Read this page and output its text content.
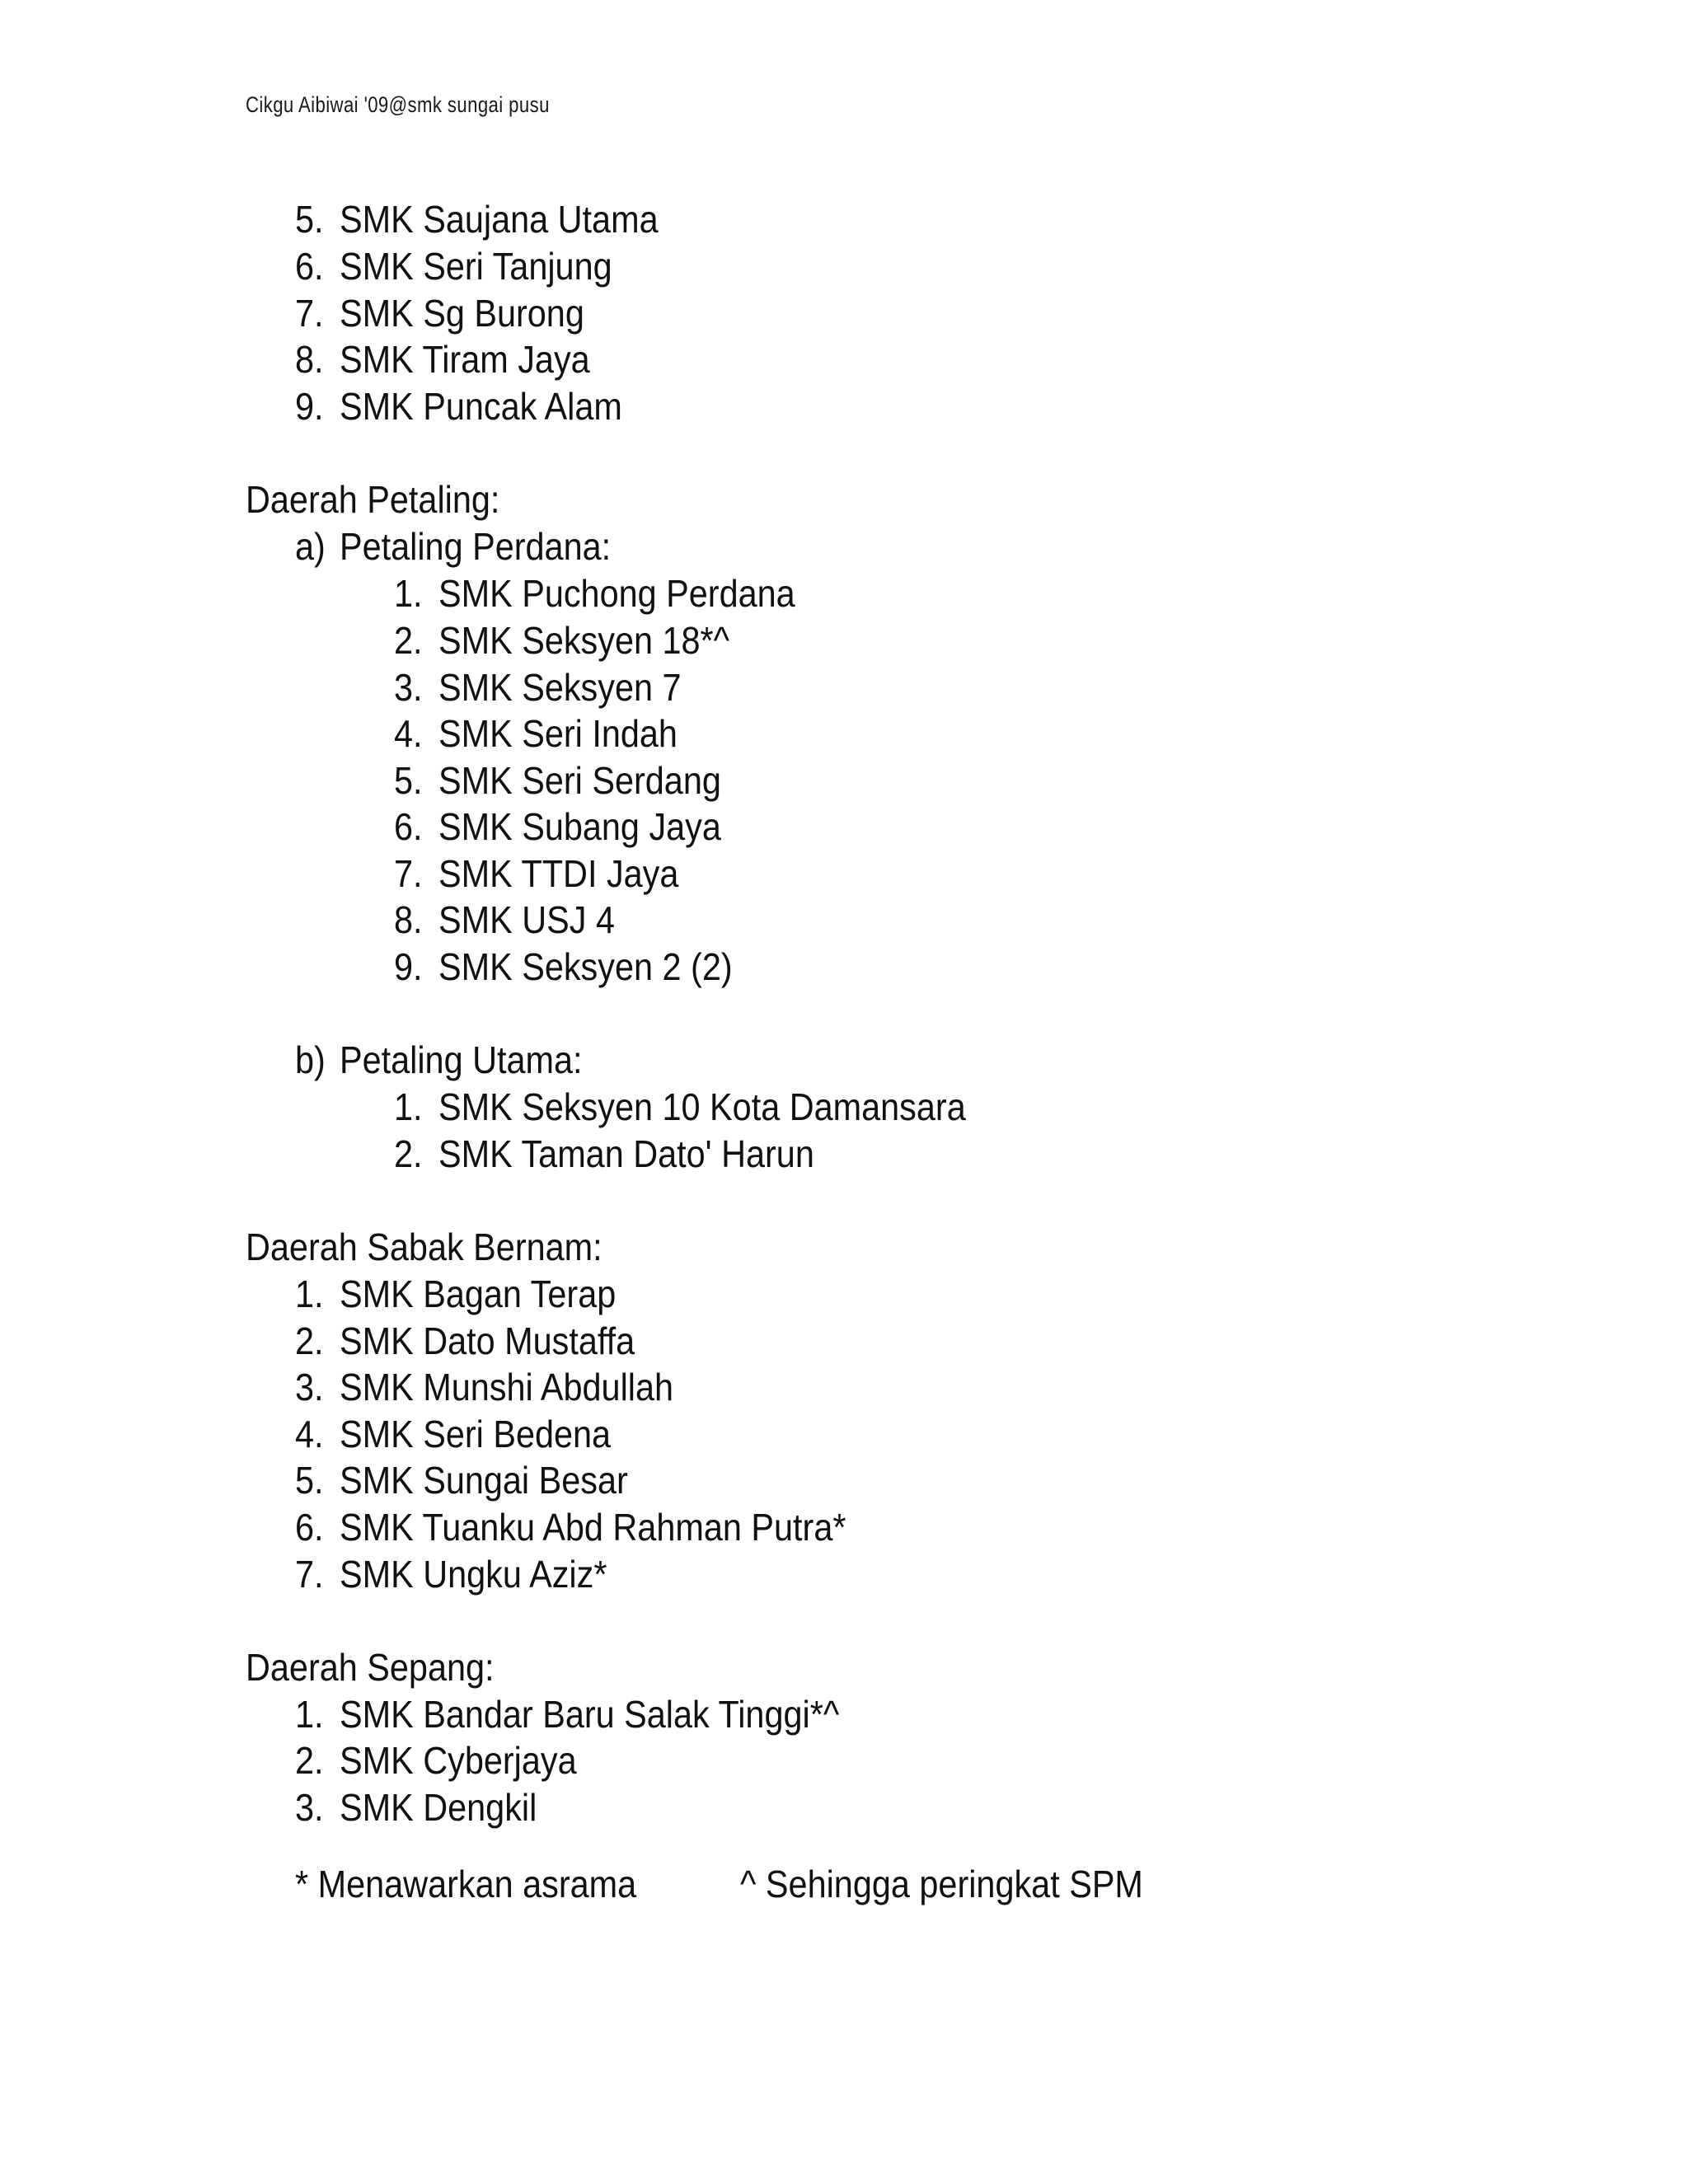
Cikgu Aibiwai '09@smk sungai pusu
5. SMK Saujana Utama
6. SMK Seri Tanjung
7. SMK Sg Burong
8. SMK Tiram Jaya
9. SMK Puncak Alam
Daerah Petaling:
a) Petaling Perdana:
1. SMK Puchong Perdana
2. SMK Seksyen 18*^
3. SMK Seksyen 7
4. SMK Seri Indah
5. SMK Seri Serdang
6. SMK Subang Jaya
7. SMK TTDI Jaya
8. SMK USJ 4
9. SMK Seksyen 2 (2)
b) Petaling Utama:
1. SMK Seksyen 10 Kota Damansara
2. SMK Taman Dato' Harun
Daerah Sabak Bernam:
1. SMK Bagan Terap
2. SMK Dato Mustaffa
3. SMK Munshi Abdullah
4. SMK Seri Bedena
5. SMK Sungai Besar
6. SMK Tuanku Abd Rahman Putra*
7. SMK Ungku Aziz*
Daerah Sepang:
1. SMK Bandar Baru Salak Tinggi*^
2. SMK Cyberjaya
3. SMK Dengkil
* Menawarkan asrama	^ Sehingga peringkat SPM
